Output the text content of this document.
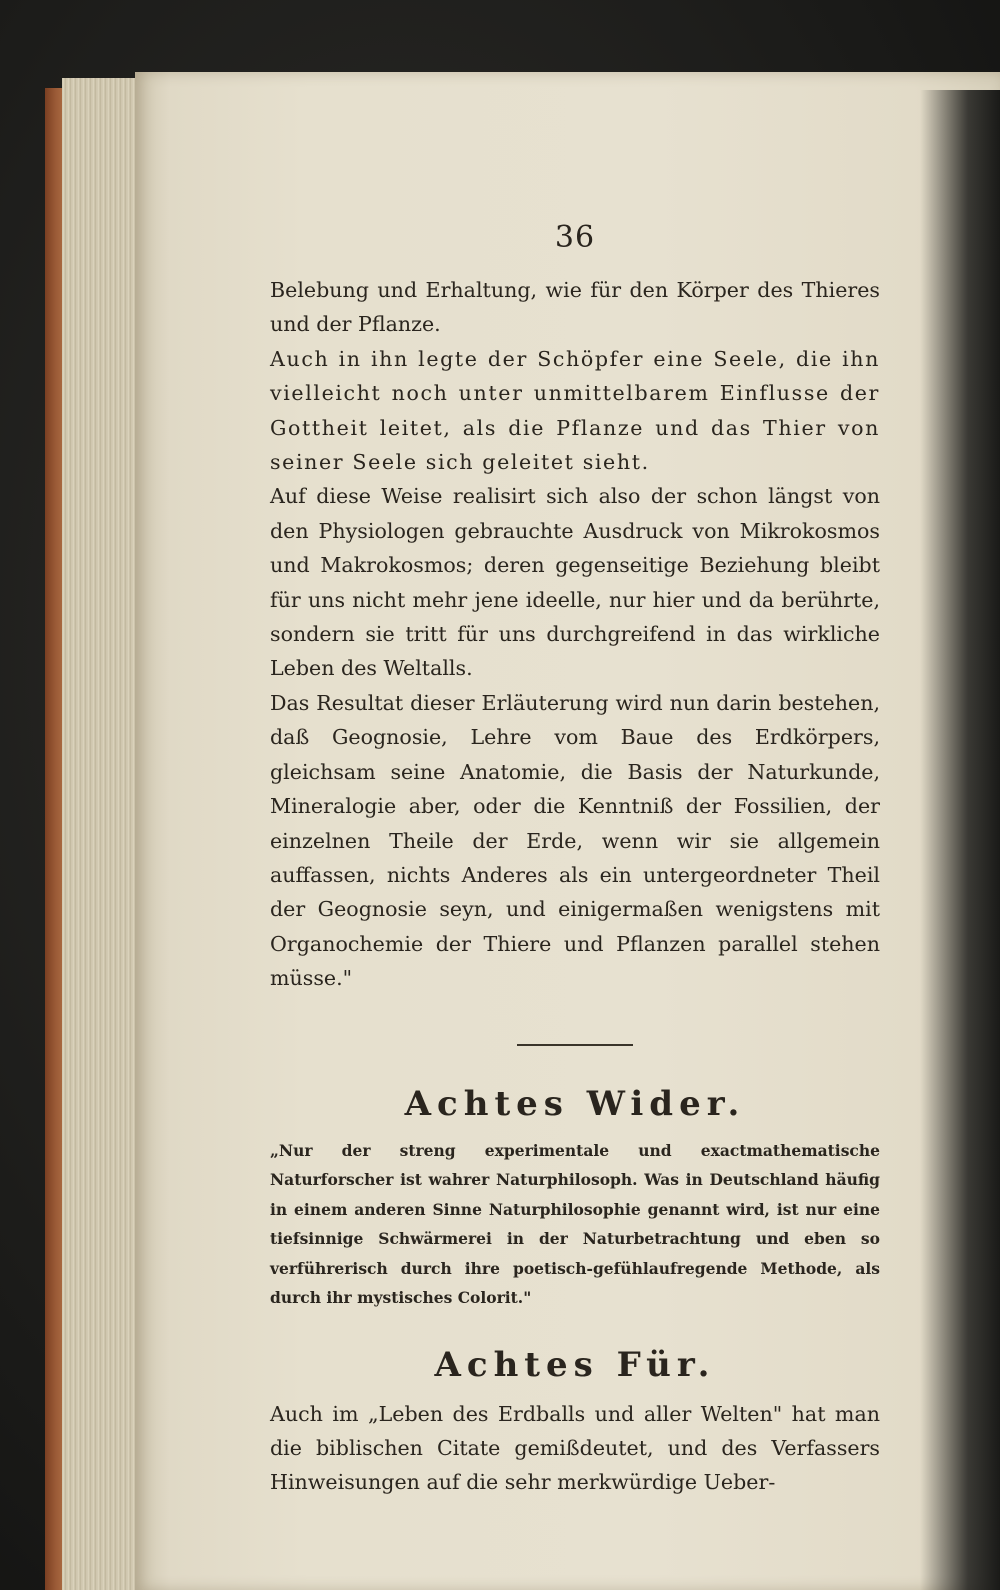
36

Belebung und Erhaltung, wie für den Körper des Thieres und der Pflanze.

Auch in ihn legte der Schöpfer eine Seele, die ihn vielleicht noch unter unmittelbarem Einflusse der Gottheit leitet, als die Pflanze und das Thier von seiner Seele sich geleitet sieht.

Auf diese Weise realisirt sich also der schon längst von den Physiologen gebrauchte Ausdruck von Mikrokosmos und Makrokosmos; deren gegenseitige Beziehung bleibt für uns nicht mehr jene ideelle, nur hier und da berührte, sondern sie tritt für uns durchgreifend in das wirkliche Leben des Weltalls.

Das Resultat dieser Erläuterung wird nun darin bestehen, daß Geognosie, Lehre vom Baue des Erdkörpers, gleichsam seine Anatomie, die Basis der Naturkunde, Mineralogie aber, oder die Kenntniß der Fossilien, der einzelnen Theile der Erde, wenn wir sie allgemein auffassen, nichts Anderes als ein untergeordneter Theil der Geognosie seyn, und einigermaßen wenigstens mit Organochemie der Thiere und Pflanzen parallel stehen müsse."

Achtes Wider.

„Nur der streng experimentale und exactmathematische Naturforscher ist wahrer Naturphilosoph. Was in Deutschland häufig in einem anderen Sinne Naturphilosophie genannt wird, ist nur eine tiefsinnige Schwärmerei in der Naturbetrachtung und eben so verführerisch durch ihre poetisch-gefühlaufregende Methode, als durch ihr mystisches Colorit."

Achtes Für.

Auch im „Leben des Erdballs und aller Welten" hat man die biblischen Citate gemißdeutet, und des Verfassers Hinweisungen auf die sehr merkwürdige Ueber-
